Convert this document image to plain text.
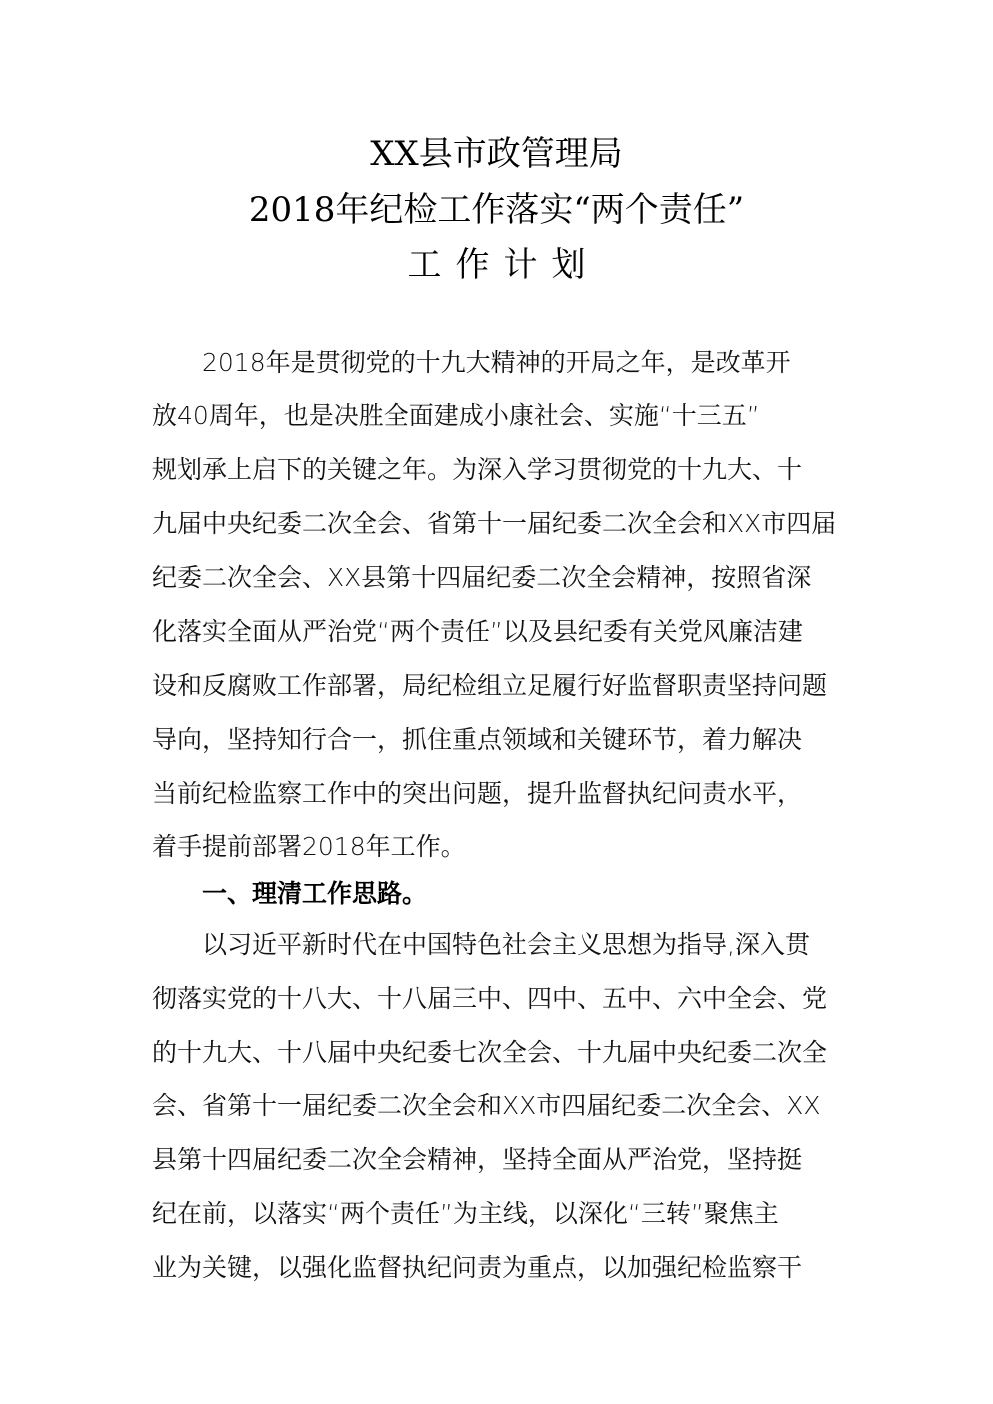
XX县市政管理局
2018年纪检工作落实“两个责任”
工作计划
2018年是贯彻党的十九大精神的开局之年，是改革开
放40周年，也是决胜全面建成小康社会、实施“十三五”
规划承上启下的关键之年。为深入学习贯彻党的十九大、十
九届中央纪委二次全会、省第十一届纪委二次全会和XX市四届
纪委二次全会、XX县第十四届纪委二次全会精神，按照省深
化落实全面从严治党“两个责任”以及县纪委有关党风廉洁建
设和反腐败工作部署，局纪检组立足履行好监督职责坚持问题
导向，坚持知行合一，抓住重点领域和关键环节，着力解决
当前纪检监察工作中的突出问题，提升监督执纪问责水平，
着手提前部署2018年工作。
一、理清工作思路。
以习近平新时代在中国特色社会主义思想为指导,深入贯
彻落实党的十八大、十八届三中、四中、五中、六中全会、党
的十九大、十八届中央纪委七次全会、十九届中央纪委二次全
会、省第十一届纪委二次全会和XX市四届纪委二次全会、XX
县第十四届纪委二次全会精神，坚持全面从严治党，坚持挺
纪在前，以落实“两个责任”为主线，以深化“三转”聚焦主
业为关键，以强化监督执纪问责为重点，以加强纪检监察干
